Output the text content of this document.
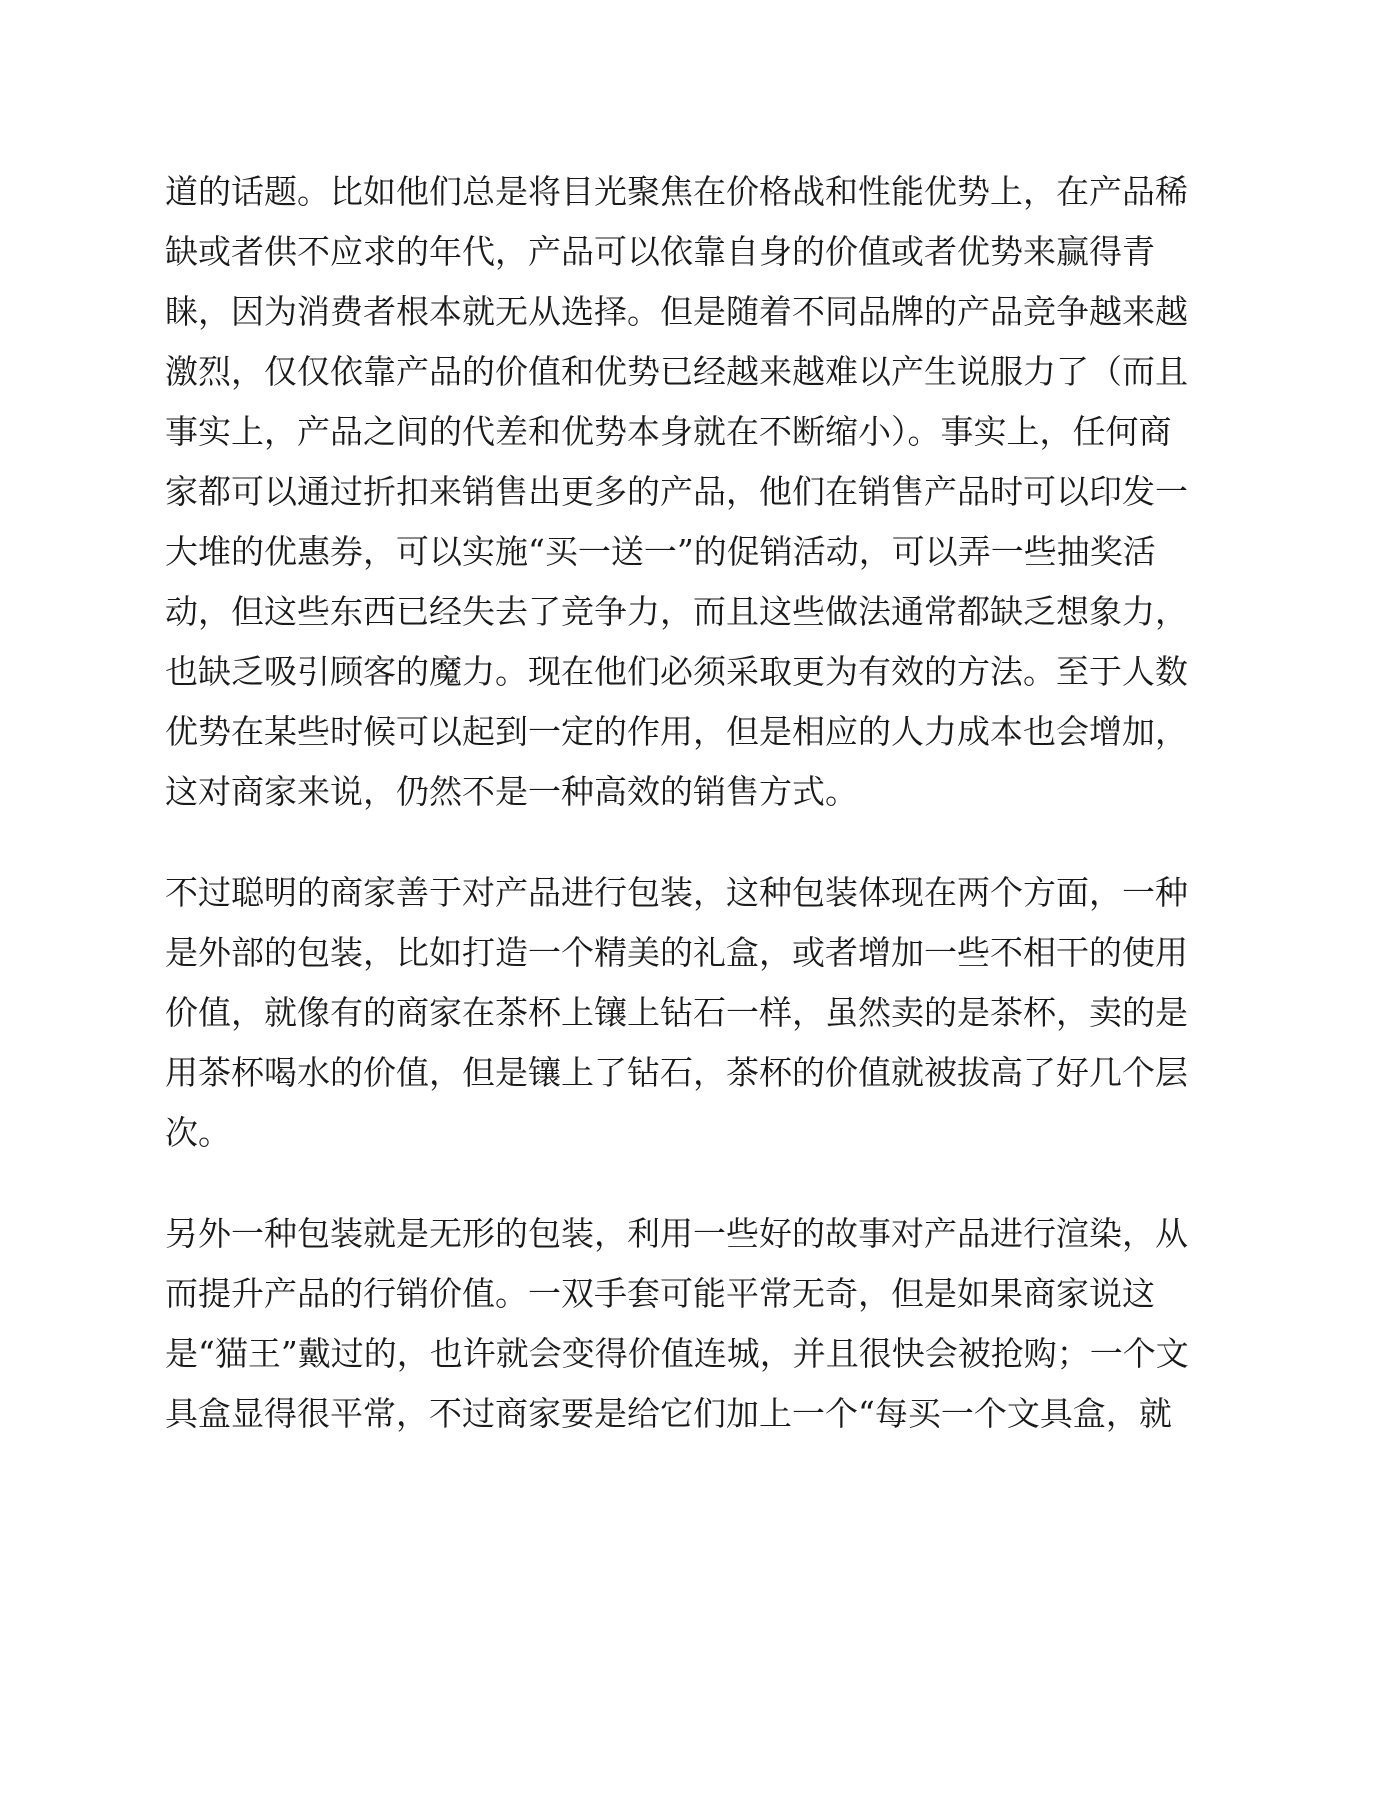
道的话题。比如他们总是将目光聚焦在价格战和性能优势上，在产品稀
缺或者供不应求的年代，产品可以依靠自身的价值或者优势来赢得青
睐，因为消费者根本就无从选择。但是随着不同品牌的产品竞争越来越
激烈，仅仅依靠产品的价值和优势已经越来越难以产生说服力了（而且
事实上，产品之间的代差和优势本身就在不断缩小）。事实上，任何商
家都可以通过折扣来销售出更多的产品，他们在销售产品时可以印发一
大堆的优惠券，可以实施“买一送一”的促销活动，可以弄一些抽奖活
动，但这些东西已经失去了竞争力，而且这些做法通常都缺乏想象力，
也缺乏吸引顾客的魔力。现在他们必须采取更为有效的方法。至于人数
优势在某些时候可以起到一定的作用，但是相应的人力成本也会增加，
这对商家来说，仍然不是一种高效的销售方式。
不过聪明的商家善于对产品进行包装，这种包装体现在两个方面，一种
是外部的包装，比如打造一个精美的礼盒，或者增加一些不相干的使用
价值，就像有的商家在茶杯上镶上钻石一样，虽然卖的是茶杯，卖的是
用茶杯喝水的价值，但是镶上了钻石，茶杯的价值就被拔高了好几个层
次。
另外一种包装就是无形的包装，利用一些好的故事对产品进行渲染，从
而提升产品的行销价值。一双手套可能平常无奇，但是如果商家说这
是“猫王”戴过的，也许就会变得价值连城，并且很快会被抢购；一个文
具盒显得很平常，不过商家要是给它们加上一个“每买一个文具盒，就
